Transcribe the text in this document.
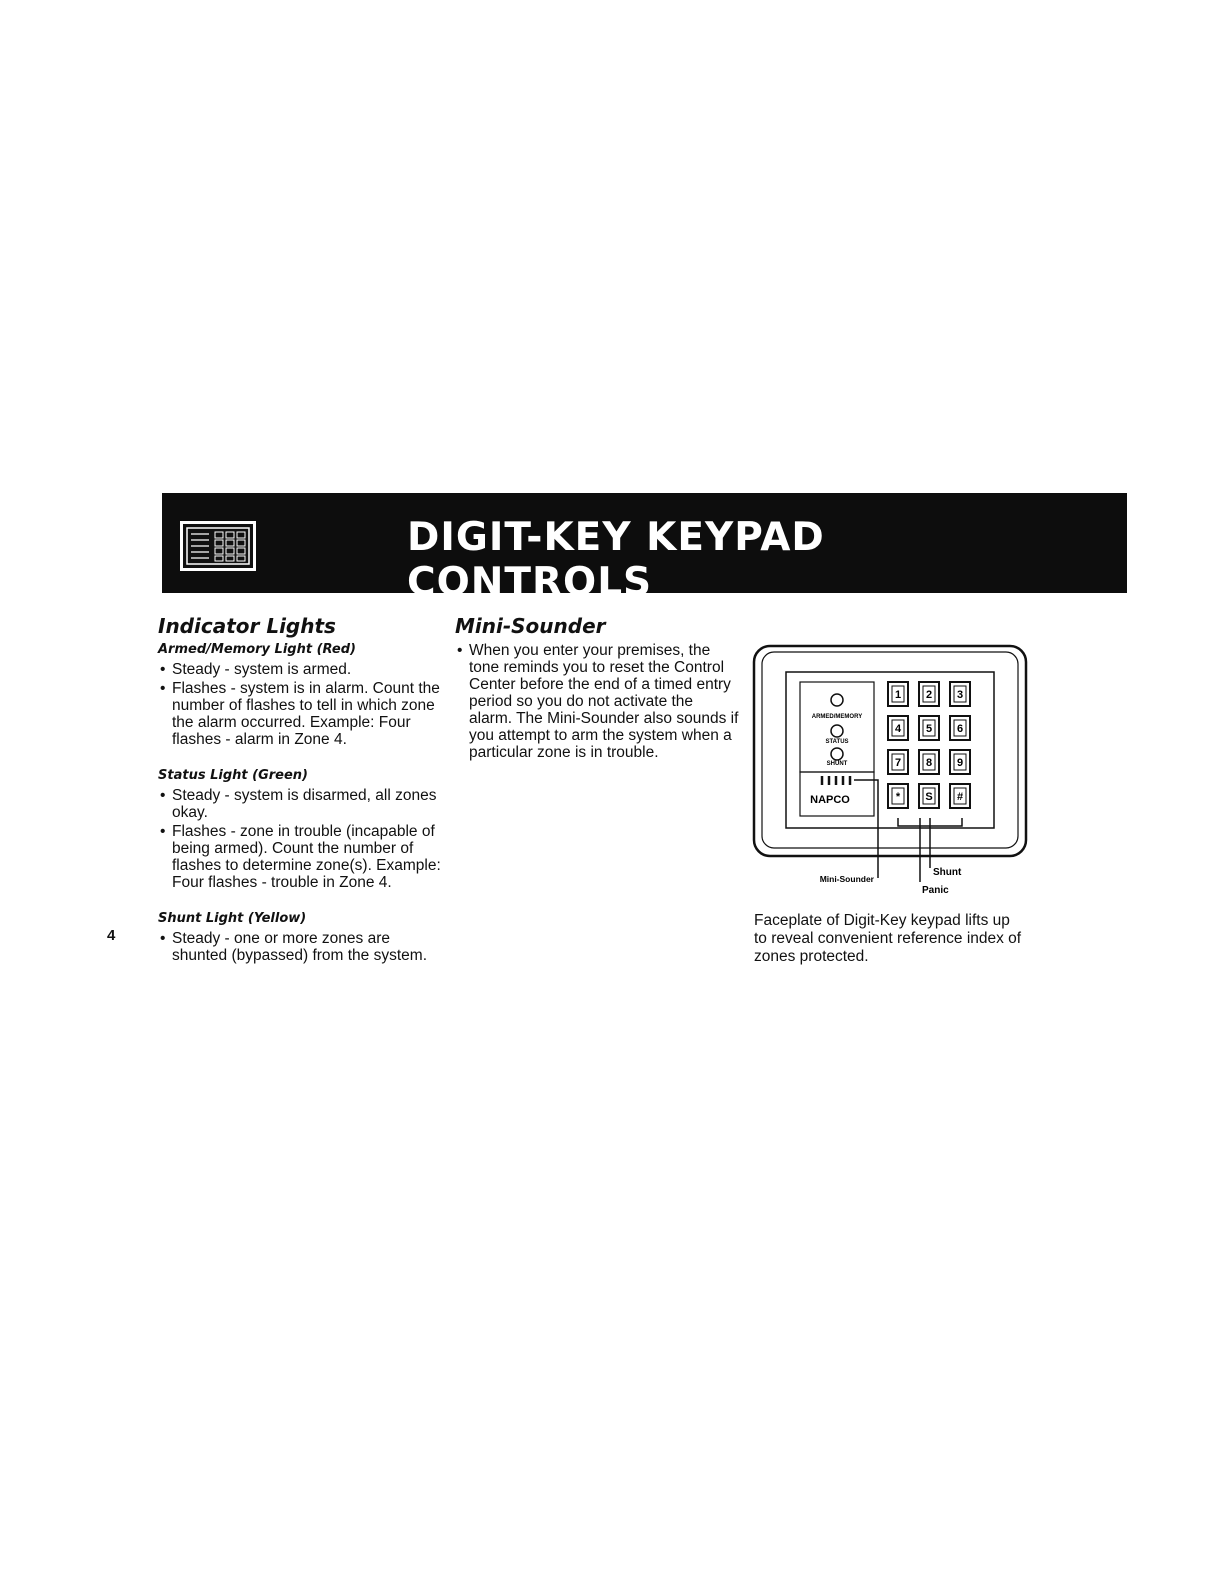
DIGIT-KEY KEYPAD CONTROLS
Indicator Lights
Armed/Memory Light (Red)
• Steady - system is armed.
• Flashes - system is in alarm. Count the number of flashes to tell in which zone the alarm occurred. Example: Four flashes - alarm in Zone 4.
Status Light (Green)
• Steady - system is disarmed, all zones okay.
• Flashes - zone in trouble (incapable of being armed). Count the number of flashes to determine zone(s). Example: Four flashes - trouble in Zone 4.
Shunt Light (Yellow)
• Steady - one or more zones are shunted (bypassed) from the system.
Mini-Sounder
• When you enter your premises, the tone reminds you to reset the Control Center before the end of a timed entry period so you do not activate the alarm. The Mini-Sounder also sounds if you attempt to arm the system when a particular zone is in trouble.
ARMED/MEMORY
STATUS
SHUNT
NAPCO
1 2 3
4 5 6
7 8 9
* S #
Mini-Sounder
Shunt
Panic
Faceplate of Digit-Key keypad lifts up to reveal convenient reference index of zones protected.
4
